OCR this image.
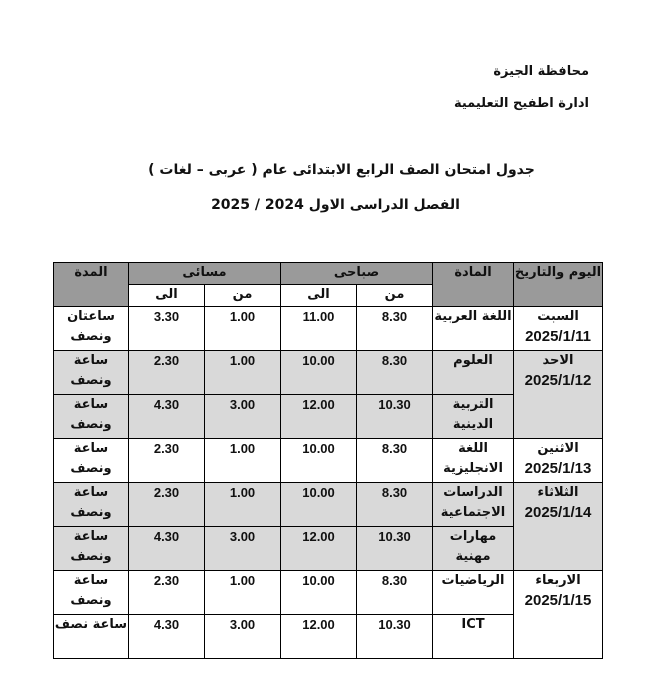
محافظة الجيزة
ادارة اطفيح التعليمية
جدول امتحان الصف الرابع الابتدائى عام ( عربى – لغات )
الفصل الدراسى الاول 2024 / 2025
اليوم والتاريخ	المادة	صباحى		مسائى		المدة
		من	الى	من	الى	

السبت
2025/1/11	اللغة العربية	8.30	11.00	1.00	3.30	ساعتان ونصف

الاحد
2025/1/12	العلوم	8.30	10.00	1.00	2.30	ساعة ونصف
	التربية الدينية	10.30	12.00	3.00	4.30	ساعة ونصف

الاثنين
2025/1/13	اللغة الانجليزية	8.30	10.00	1.00	2.30	ساعة ونصف

الثلاثاء
2025/1/14	الدراسات الاجتماعية	8.30	10.00	1.00	2.30	ساعة ونصف
	مهارات مهنية	10.30	12.00	3.00	4.30	ساعة ونصف

الاربعاء
2025/1/15	الرياضيات	8.30	10.00	1.00	2.30	ساعة ونصف
	ICT	10.30	12.00	3.00	4.30	ساعة نصف
